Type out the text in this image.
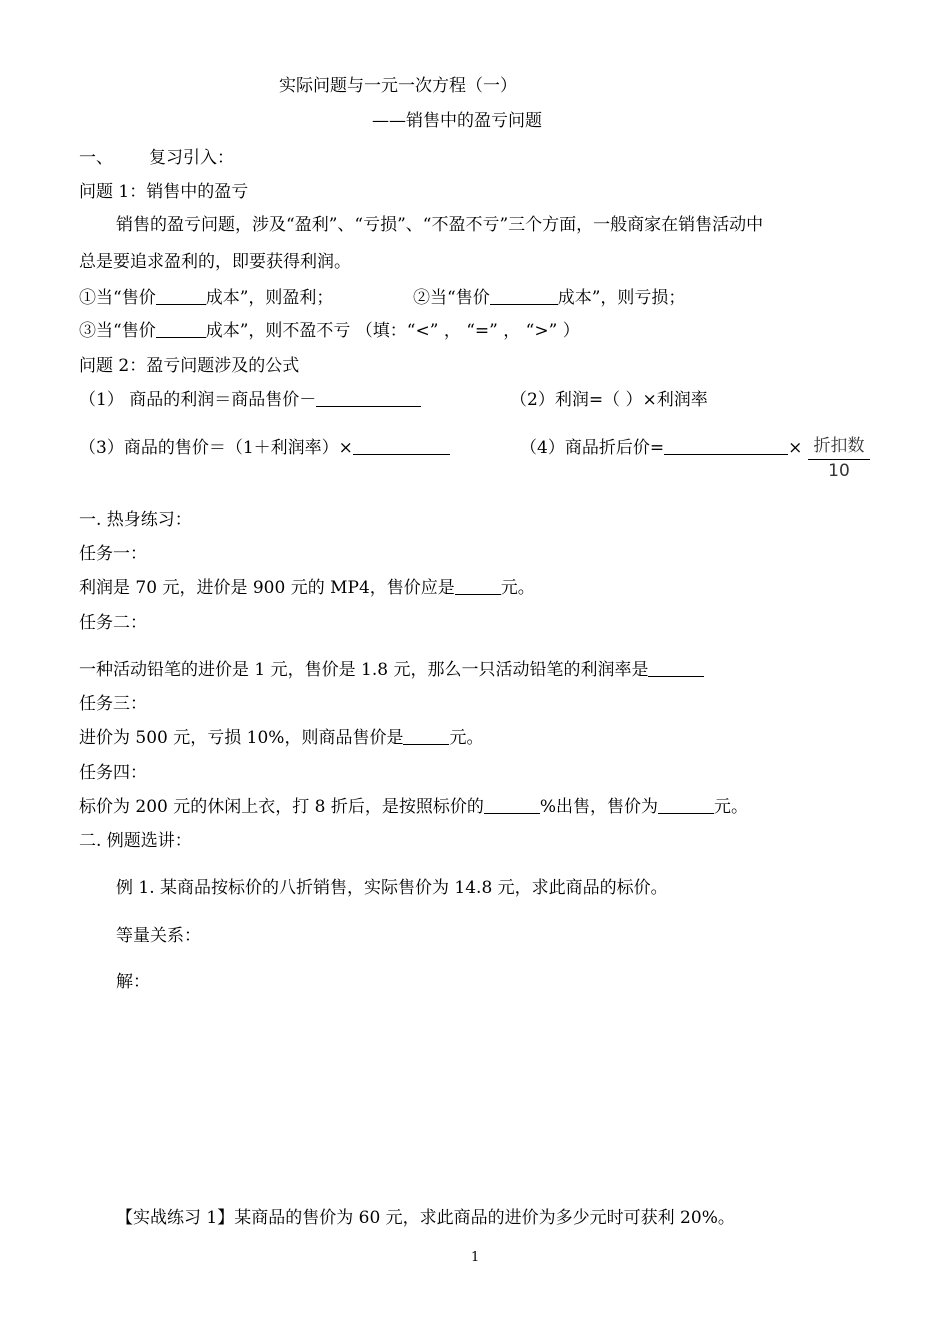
实际问题与一元一次方程（一）
——销售中的盈亏问题
一、 复习引入：
问题 1：销售中的盈亏
销售的盈亏问题，涉及“盈利”、“亏损”、“不盈不亏”三个方面，一般商家在销售活动中
总是要追求盈利的，即要获得利润。
①当“售价	成本”，则盈利；	②当“售价	成本”，则亏损；
③当“售价	成本”，则不盈不亏 （填：“<” ， “=” ， “>” ）
问题 2：盈亏问题涉及的公式
（1） 商品的利润＝商品售价－	（2）利润=（ ）×利润率
（3）商品的售价＝（1＋利润率）×	（4）商品折后价=	× 折扣数
10
一. 热身练习：
任务一：
利润是 70 元，进价是 900 元的 MP4，售价应是	元。
任务二：
一种活动铅笔的进价是 1 元，售价是 1.8 元，那么一只活动铅笔的利润率是
任务三：
进价为 500 元，亏损 10%，则商品售价是	元。
任务四：
标价为 200 元的休闲上衣，打 8 折后，是按照标价的	%出售，售价为	元。
二. 例题选讲：
例 1. 某商品按标价的八折销售，实际售价为 14.8 元，求此商品的标价。
等量关系：
解：
【实战练习 1】某商品的售价为 60 元，求此商品的进价为多少元时可获利 20%。
1
